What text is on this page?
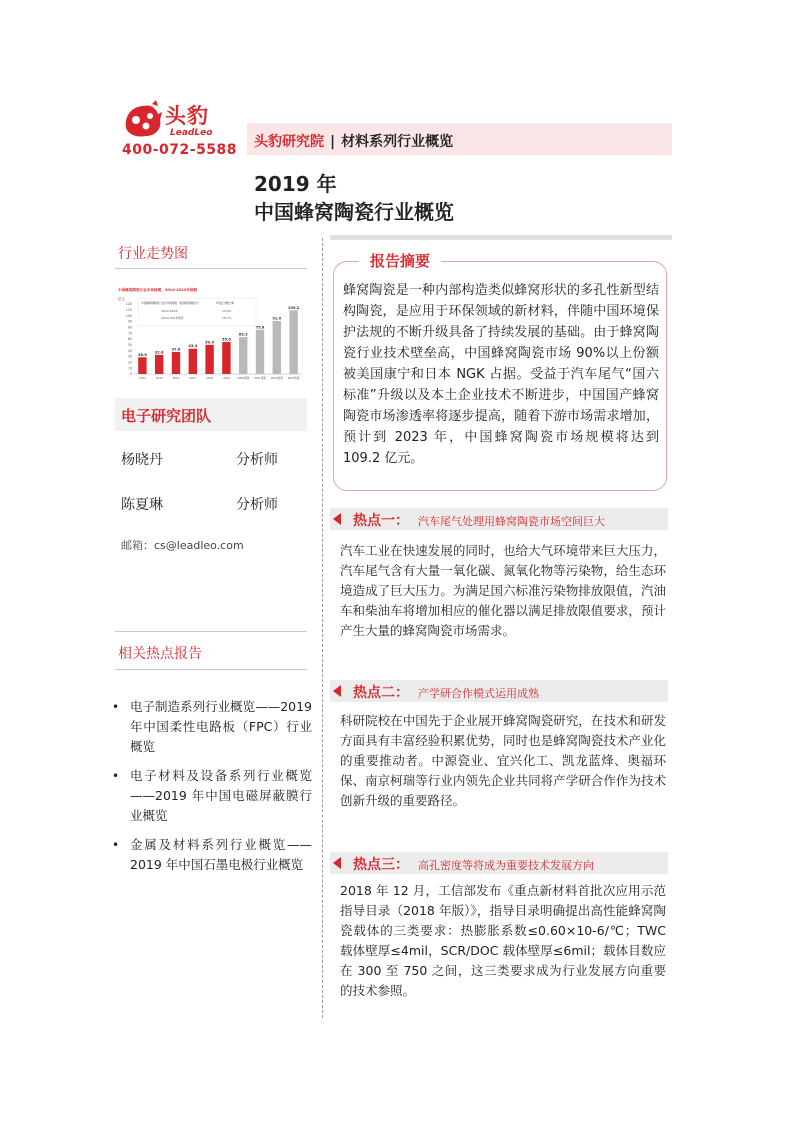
头豹
LeadLeo
400-072-5588 头豹研究院 | 材料系列行业概览
2019 年
中国蜂窝陶瓷行业概览
行业走势图
中国蜂窝陶瓷行业市场规模，2014-2023年预测
亿元
0
10
20
30
40
50
60
70
80
90
100
110
120	中国蜂窝陶瓷行业市场规模（按销售额统计）	年复合增长率
2014-2018	14.9%
2019-2023预测	18.7%
28.6
2014
32.8
2015
37.8
2016
43.4
2017
50.0
2018
55.0
2019
63.2
2020预测
75.8
2021预测
91.0
2022预测
109.2
2023预测
电子研究团队
杨晓丹	分析师
陈夏琳	分析师
邮箱：cs@leadleo.com
相关热点报告
• 电子制造系列行业概览——2019 年中国柔性电路板（FPC）行业概览
• 电子材料及设备系列行业概览——2019 年中国电磁屏蔽膜行业概览
• 金属及材料系列行业概览——2019 年中国石墨电极行业概览
报告摘要
蜂窝陶瓷是一种内部构造类似蜂窝形状的多孔性新型结构陶瓷，是应用于环保领域的新材料，伴随中国环境保护法规的不断升级具备了持续发展的基础。由于蜂窝陶瓷行业技术壁垒高，中国蜂窝陶瓷市场 90%以上份额被美国康宁和日本 NGK 占据。受益于汽车尾气“国六标准”升级以及本土企业技术不断进步，中国国产蜂窝陶瓷市场渗透率将逐步提高，随着下游市场需求增加，预计到 2023 年，中国蜂窝陶瓷市场规模将达到 109.2 亿元。
热点一： 汽车尾气处理用蜂窝陶瓷市场空间巨大
汽车工业在快速发展的同时，也给大气环境带来巨大压力，汽车尾气含有大量一氧化碳、氮氧化物等污染物，给生态环境造成了巨大压力。为满足国六标准污染物排放限值，汽油车和柴油车将增加相应的催化器以满足排放限值要求，预计产生大量的蜂窝陶瓷市场需求。
热点二： 产学研合作模式运用成熟
科研院校在中国先于企业展开蜂窝陶瓷研究，在技术和研发方面具有丰富经验积累优势，同时也是蜂窝陶瓷技术产业化的重要推动者。中源瓷业、宜兴化工、凯龙蓝烽、奥福环保、南京柯瑞等行业内领先企业共同将产学研合作作为技术创新升级的重要路径。
热点三： 高孔密度等将成为重要技术发展方向
2018 年 12 月，工信部发布《重点新材料首批次应用示范指导目录（2018 年版）》，指导目录明确提出高性能蜂窝陶瓷载体的三类要求：热膨胀系数≤0.60×10-6/℃；TWC 载体壁厚≤4mil，SCR/DOC 载体壁厚≤6mil；载体目数应在 300 至 750 之间，这三类要求成为行业发展方向重要的技术参照。
